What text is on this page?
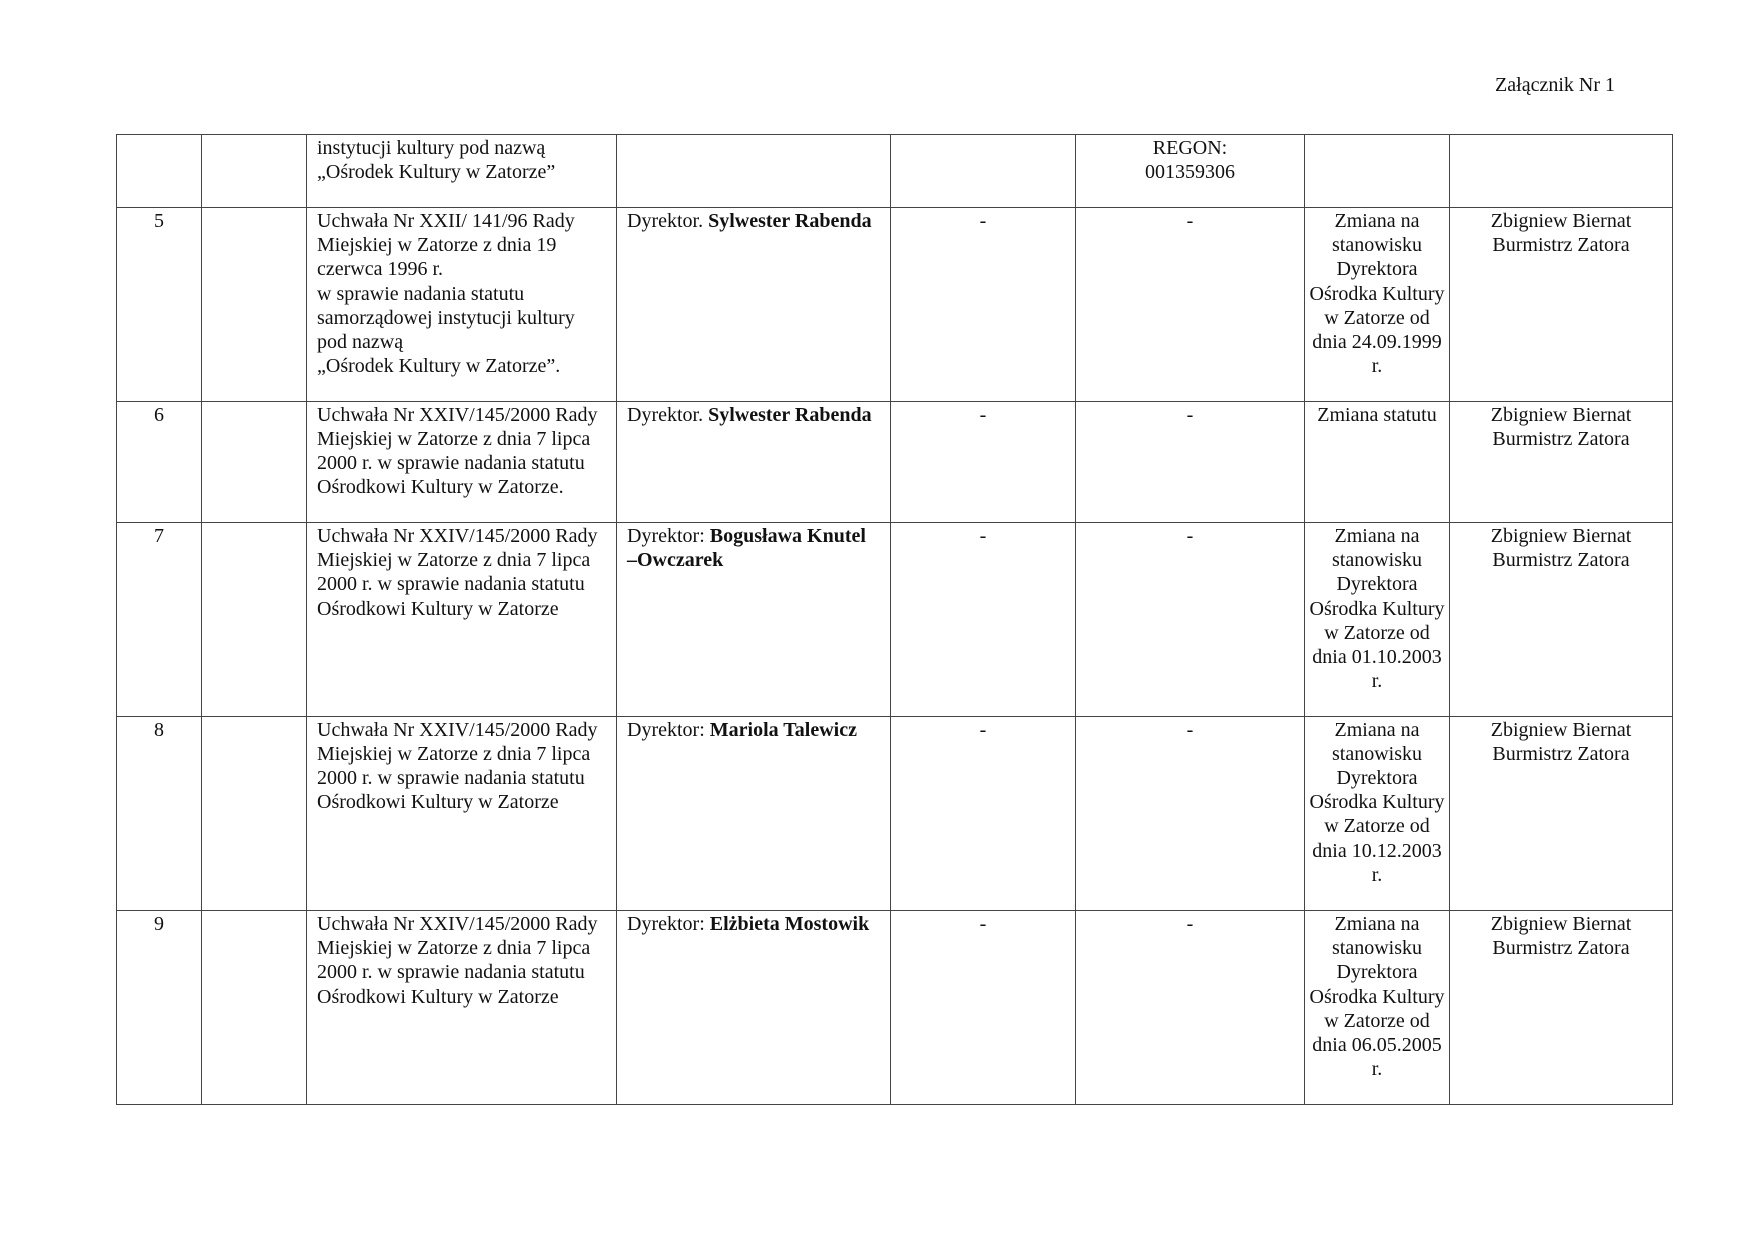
Załącznik Nr 1
		instytucji kultury pod nazwą
„Ośrodek Kultury w Zatorze”			REGON:
001359306		
5		Uchwała Nr XXII/ 141/96 Rady Miejskiej w Zatorze z dnia 19 czerwca 1996 r.
w sprawie nadania statutu samorządowej instytucji kultury pod nazwą
„Ośrodek Kultury w Zatorze”.	Dyrektor. Sylwester Rabenda	-	-	Zmiana na stanowisku Dyrektora Ośrodka Kultury
w Zatorze od dnia 24.09.1999 r.	Zbigniew Biernat Burmistrz Zatora
6		Uchwała Nr XXIV/145/2000 Rady Miejskiej w Zatorze z dnia 7 lipca 2000 r. w sprawie nadania statutu Ośrodkowi Kultury w Zatorze.	Dyrektor. Sylwester Rabenda	-	-	Zmiana statutu	Zbigniew Biernat Burmistrz Zatora
7		Uchwała Nr XXIV/145/2000 Rady Miejskiej w Zatorze z dnia 7 lipca 2000 r. w sprawie nadania statutu Ośrodkowi Kultury w Zatorze	Dyrektor: Bogusława Knutel –Owczarek	-	-	Zmiana na stanowisku Dyrektora Ośrodka Kultury
w Zatorze od dnia 01.10.2003 r.	Zbigniew Biernat Burmistrz Zatora
8		Uchwała Nr XXIV/145/2000 Rady Miejskiej w Zatorze z dnia 7 lipca 2000 r. w sprawie nadania statutu Ośrodkowi Kultury w Zatorze	Dyrektor: Mariola Talewicz	-	-	Zmiana na stanowisku Dyrektora Ośrodka Kultury
w Zatorze od dnia 10.12.2003 r.	Zbigniew Biernat Burmistrz Zatora
9		Uchwała Nr XXIV/145/2000 Rady Miejskiej w Zatorze z dnia 7 lipca 2000 r. w sprawie nadania statutu Ośrodkowi Kultury w Zatorze	Dyrektor: Elżbieta Mostowik	-	-	Zmiana na stanowisku Dyrektora Ośrodka Kultury
w Zatorze od dnia 06.05.2005 r.	Zbigniew Biernat Burmistrz Zatora
